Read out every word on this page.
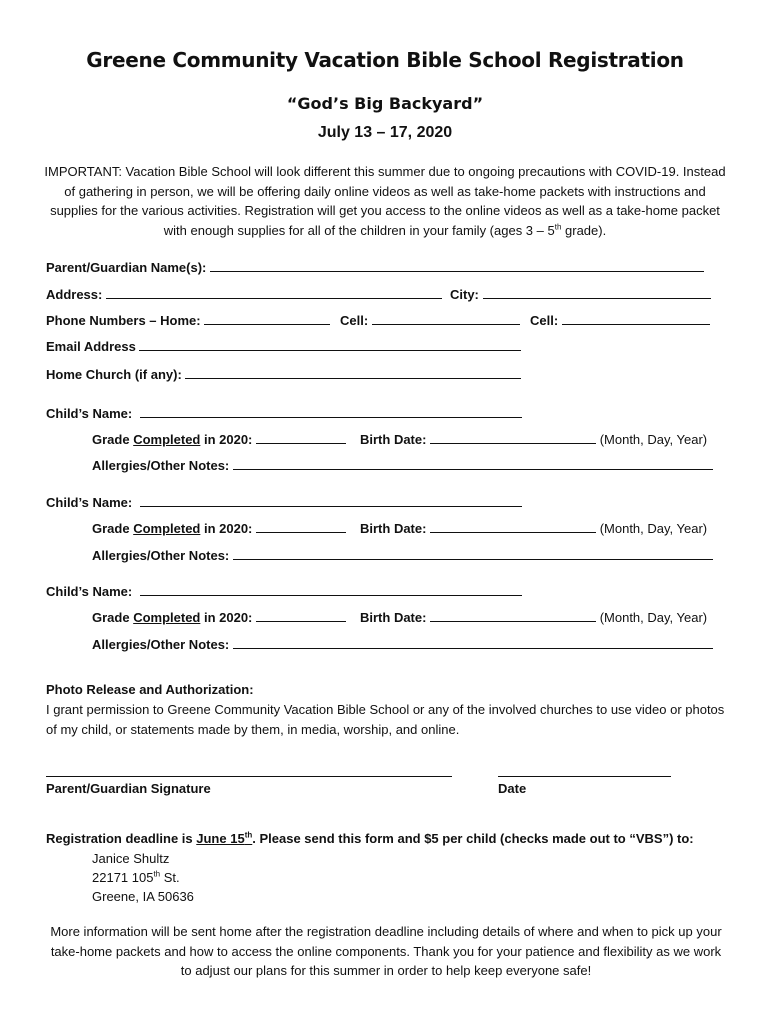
Greene Community Vacation Bible School Registration
“God’s Big Backyard”
July 13 – 17, 2020
IMPORTANT: Vacation Bible School will look different this summer due to ongoing precautions with COVID-19. Instead of gathering in person, we will be offering daily online videos as well as take-home packets with instructions and supplies for the various activities. Registration will get you access to the online videos as well as a take-home packet with enough supplies for all of the children in your family (ages 3 – 5th grade).
Parent/Guardian Name(s):
Address:	City:
Phone Numbers – Home:	Cell:	Cell:
Email Address
Home Church (if any):
Child’s Name:
Grade Completed in 2020:	Birth Date:	(Month, Day, Year)
Allergies/Other Notes:
Child’s Name:
Grade Completed in 2020:	Birth Date:	(Month, Day, Year)
Allergies/Other Notes:
Child’s Name:
Grade Completed in 2020:	Birth Date:	(Month, Day, Year)
Allergies/Other Notes:
Photo Release and Authorization:
I grant permission to Greene Community Vacation Bible School or any of the involved churches to use video or photos of my child, or statements made by them, in media, worship, and online.
Parent/Guardian Signature	Date
Registration deadline is June 15th. Please send this form and $5 per child (checks made out to “VBS”) to:
Janice Shultz
22171 105th St.
Greene, IA 50636
More information will be sent home after the registration deadline including details of where and when to pick up your take-home packets and how to access the online components. Thank you for your patience and flexibility as we work to adjust our plans for this summer in order to help keep everyone safe!
